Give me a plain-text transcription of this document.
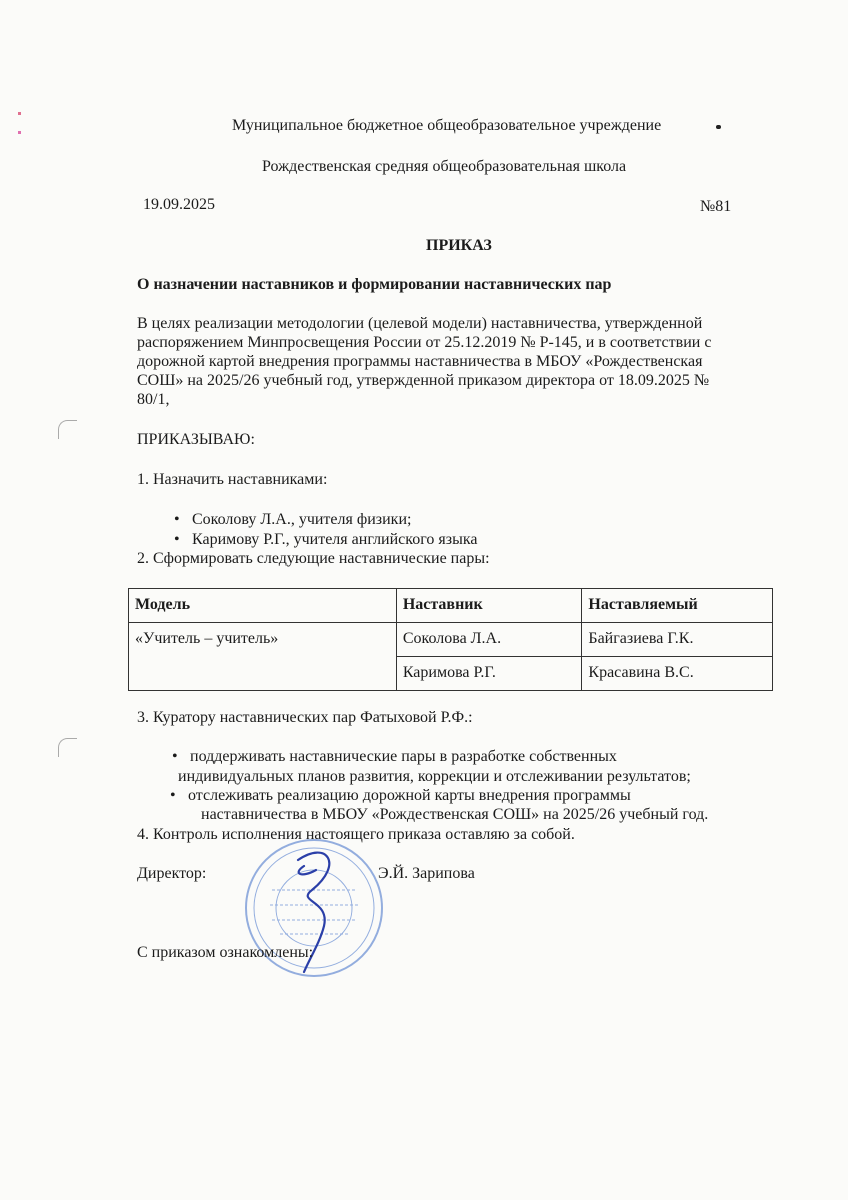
Муниципальное бюджетное общеобразовательное учреждение
Рождественская средняя общеобразовательная школа
19.09.2025	№81
ПРИКАЗ
О назначении наставников и формировании наставнических пар
В целях реализации методологии (целевой модели) наставничества, утвержденной
распоряжением Минпросвещения России от 25.12.2019 № Р-145, и в соответствии с
дорожной картой внедрения программы наставничества в МБОУ «Рождественская
СОШ» на 2025/26 учебный год, утвержденной приказом директора от 18.09.2025 №
80/1,
ПРИКАЗЫВАЮ:
1. Назначить наставниками:
• Соколову Л.А., учителя физики;
• Каримову Р.Г., учителя английского языка
2. Сформировать следующие наставнические пары:
Модель	Наставник	Наставляемый
«Учитель – учитель»	Соколова Л.А.	Байгазиева Г.К.
	Каримова Р.Г.	Красавина В.С.
3. Куратору наставнических пар Фатыховой Р.Ф.:
• поддерживать наставнические пары в разработке собственных
индивидуальных планов развития, коррекции и отслеживании результатов;
• отслеживать реализацию дорожной карты внедрения программы
наставничества в МБОУ «Рождественская СОШ» на 2025/26 учебный год.
4. Контроль исполнения настоящего приказа оставляю за собой.
Директор:	Э.Й. Зарипова
С приказом ознакомлены:
